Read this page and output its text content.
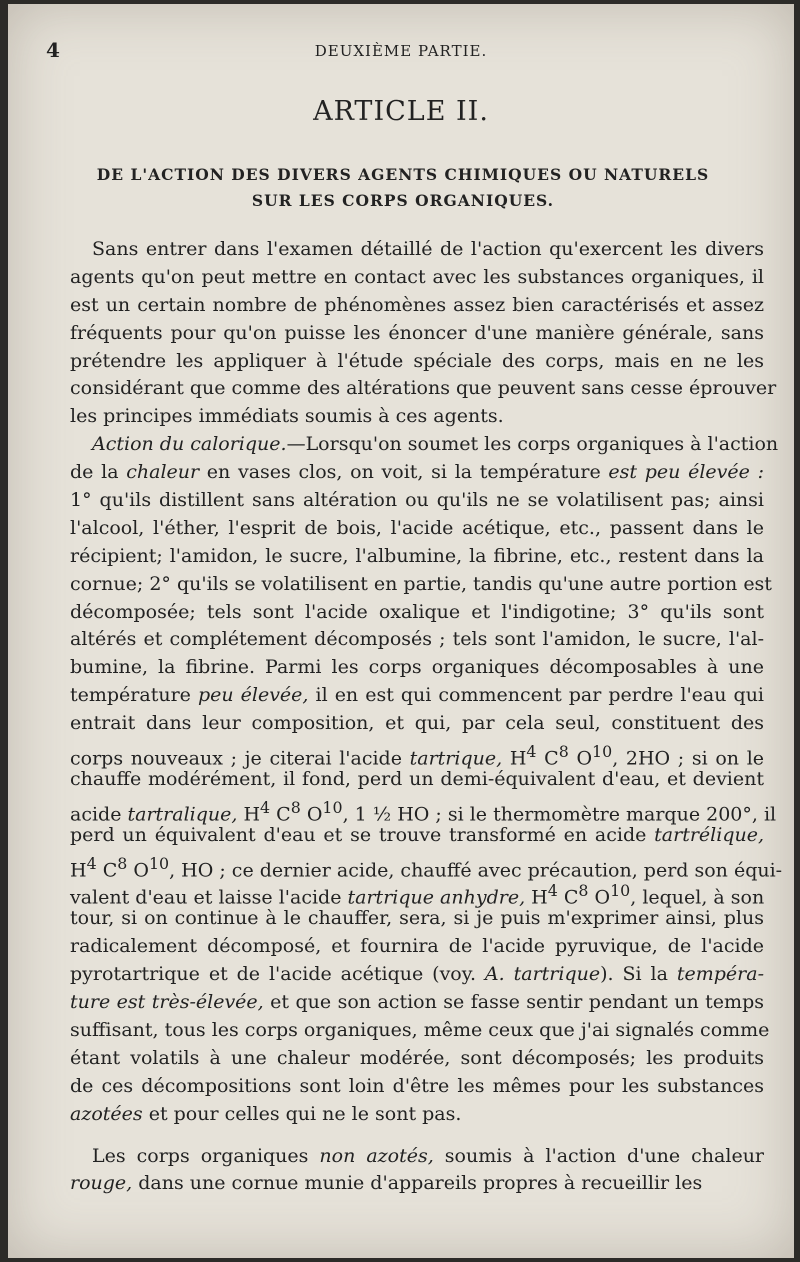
4	DEUXIÈME PARTIE.
ARTICLE II.
DE L'ACTION DES DIVERS AGENTS CHIMIQUES OU NATURELS
SUR LES CORPS ORGANIQUES.
Sans entrer dans l'examen détaillé de l'action qu'exercent les divers
agents qu'on peut mettre en contact avec les substances organiques, il
est un certain nombre de phénomènes assez bien caractérisés et assez
fréquents pour qu'on puisse les énoncer d'une manière générale, sans
prétendre les appliquer à l'étude spéciale des corps, mais en ne les
considérant que comme des altérations que peuvent sans cesse éprouver
les principes immédiats soumis à ces agents.
Action du calorique.—Lorsqu'on soumet les corps organiques à l'action
de la chaleur en vases clos, on voit, si la température est peu élevée :
1° qu'ils distillent sans altération ou qu'ils ne se volatilisent pas; ainsi
l'alcool, l'éther, l'esprit de bois, l'acide acétique, etc., passent dans le
récipient; l'amidon, le sucre, l'albumine, la fibrine, etc., restent dans la
cornue; 2° qu'ils se volatilisent en partie, tandis qu'une autre portion est
décomposée; tels sont l'acide oxalique et l'indigotine; 3° qu'ils sont
altérés et complétement décomposés ; tels sont l'amidon, le sucre, l'al-
bumine, la fibrine. Parmi les corps organiques décomposables à une
température peu élevée, il en est qui commencent par perdre l'eau qui
entrait dans leur composition, et qui, par cela seul, constituent des
corps nouveaux ; je citerai l'acide tartrique, $H^4$ $C^8$ $O^{10}$, 2HO ; si on le
chauffe modérément, il fond, perd un demi-équivalent d'eau, et devient
acide tartralique, $H^4$ $C^8$ $O^{10}$, 1 ½ HO ; si le thermomètre marque 200°, il
perd un équivalent d'eau et se trouve transformé en acide tartrélique,
$H^4$ $C^8$ $O^{10}$, HO ; ce dernier acide, chauffé avec précaution, perd son équi-
valent d'eau et laisse l'acide tartrique anhydre, $H^4$ $C^8$ $O^{10}$, lequel, à son
tour, si on continue à le chauffer, sera, si je puis m'exprimer ainsi, plus
radicalement décomposé, et fournira de l'acide pyruvique, de l'acide
pyrotartrique et de l'acide acétique (voy. A. tartrique). Si la tempéra-
ture est très-élevée, et que son action se fasse sentir pendant un temps
suffisant, tous les corps organiques, même ceux que j'ai signalés comme
étant volatils à une chaleur modérée, sont décomposés; les produits
de ces décompositions sont loin d'être les mêmes pour les substances
azotées et pour celles qui ne le sont pas.
Les corps organiques non azotés, soumis à l'action d'une chaleur
rouge, dans une cornue munie d'appareils propres à recueillir les
